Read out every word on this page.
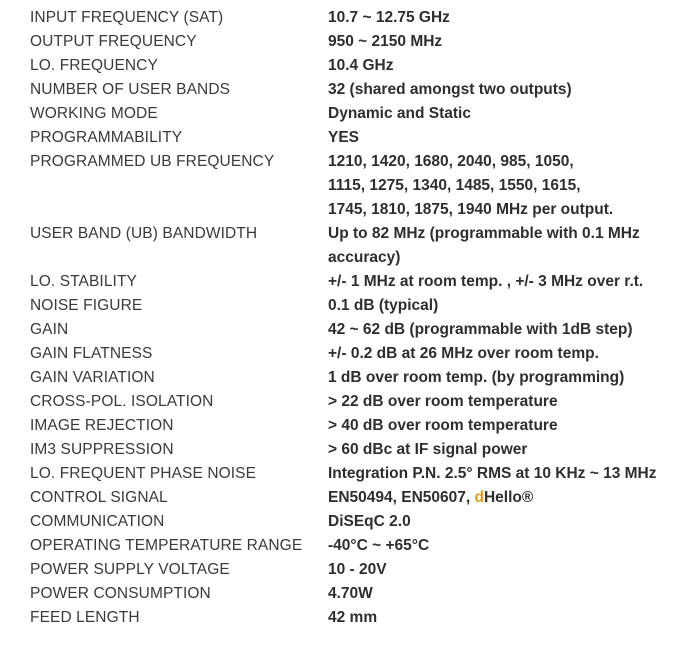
INPUT FREQUENCY (SAT)	10.7 ~ 12.75 GHz
OUTPUT FREQUENCY	950 ~ 2150 MHz
LO. FREQUENCY	10.4 GHz
NUMBER OF USER BANDS	32 (shared amongst two outputs)
WORKING MODE	Dynamic and Static
PROGRAMMABILITY	YES
PROGRAMMED UB FREQUENCY	1210, 1420, 1680, 2040, 985, 1050,
1115, 1275, 1340, 1485, 1550, 1615,
1745, 1810, 1875, 1940 MHz per output.
USER BAND (UB) BANDWIDTH	Up to 82 MHz (programmable with 0.1 MHz
accuracy)
LO. STABILITY	+/- 1 MHz at room temp. , +/- 3 MHz over r.t.
NOISE FIGURE	0.1 dB (typical)
GAIN	42 ~ 62 dB (programmable with 1dB step)
GAIN FLATNESS	+/- 0.2 dB at 26 MHz over room temp.
GAIN VARIATION	1 dB over room temp. (by programming)
CROSS-POL. ISOLATION	> 22 dB over room temperature
IMAGE REJECTION	> 40 dB over room temperature
IM3 SUPPRESSION	> 60 dBc at IF signal power
LO. FREQUENT PHASE NOISE	Integration P.N. 2.5° RMS at 10 KHz ~ 13 MHz
CONTROL SIGNAL	EN50494, EN50607, dHello®
COMMUNICATION	DiSEqC 2.0
OPERATING TEMPERATURE RANGE	-40°C ~ +65°C
POWER SUPPLY VOLTAGE	10 - 20V
POWER CONSUMPTION	4.70W
FEED LENGTH	42 mm
